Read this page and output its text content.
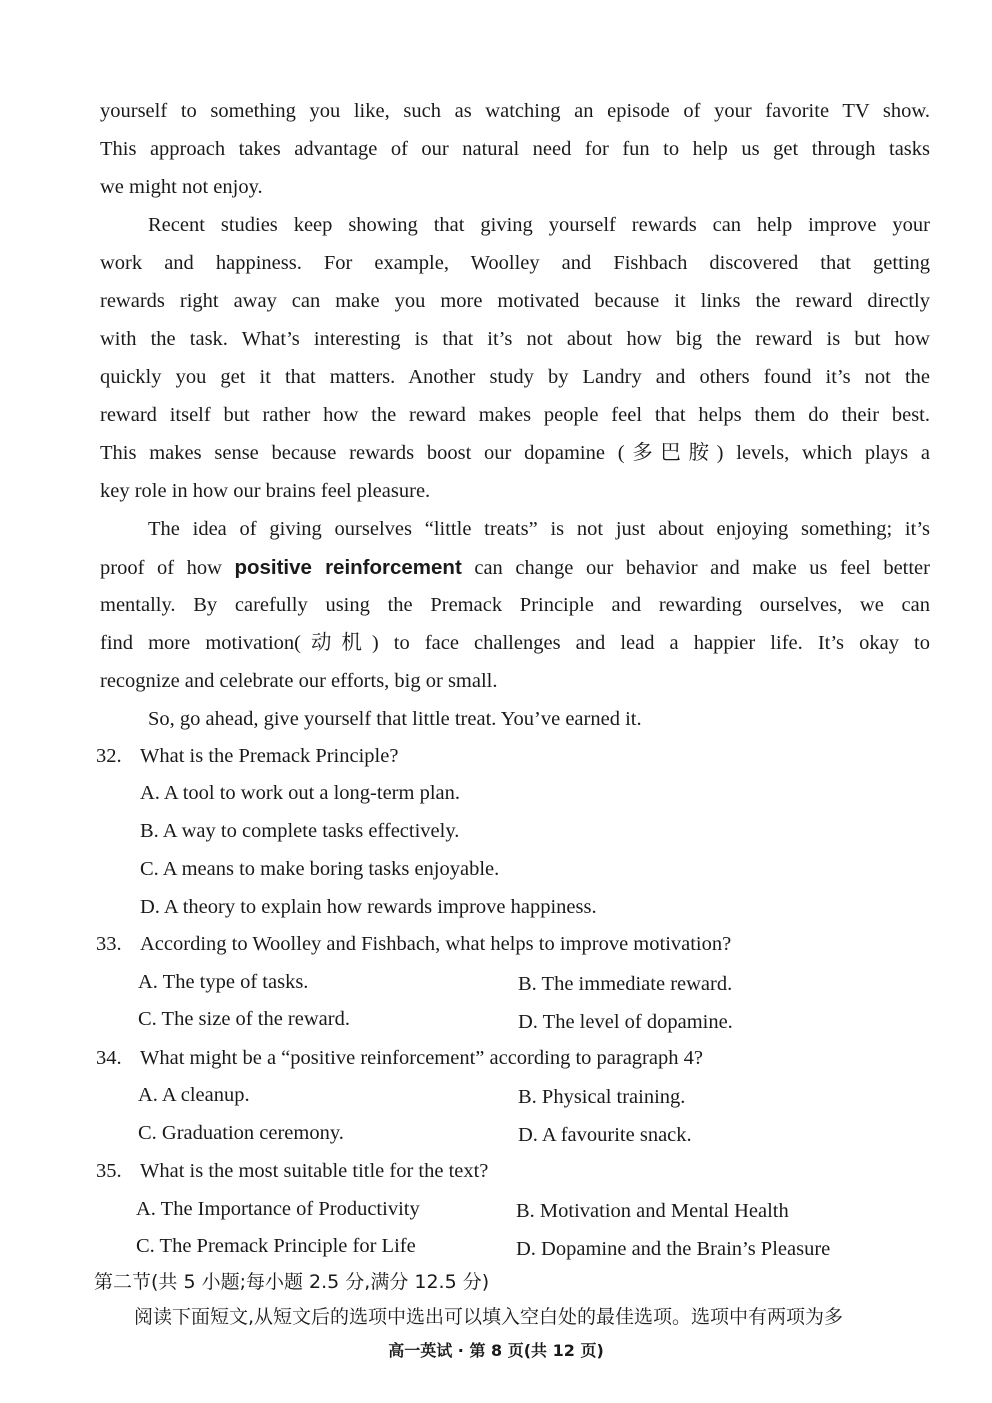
yourself to something you like, such as watching an episode of your favorite TV show.
This approach takes advantage of our natural need for fun to help us get through tasks
we might not enjoy.
Recent studies keep showing that giving yourself rewards can help improve your
work and happiness. For example, Woolley and Fishbach discovered that getting
rewards right away can make you more motivated because it links the reward directly
with the task. What’s interesting is that it’s not about how big the reward is but how
quickly you get it that matters. Another study by Landry and others found it’s not the
reward itself but rather how the reward makes people feel that helps them do their best.
This makes sense because rewards boost our dopamine (多巴胺) levels, which plays a
key role in how our brains feel pleasure.
The idea of giving ourselves “little treats” is not just about enjoying something; it’s
proof of how positive reinforcement can change our behavior and make us feel better
mentally. By carefully using the Premack Principle and rewarding ourselves, we can
find more motivation(动机) to face challenges and lead a happier life. It’s okay to
recognize and celebrate our efforts, big or small.
So, go ahead, give yourself that little treat. You’ve earned it.
32. What is the Premack Principle?
A. A tool to work out a long-term plan.
B. A way to complete tasks effectively.
C. A means to make boring tasks enjoyable.
D. A theory to explain how rewards improve happiness.
33. According to Woolley and Fishbach, what helps to improve motivation?
A. The type of tasks.	B. The immediate reward.
C. The size of the reward.	D. The level of dopamine.
34. What might be a “positive reinforcement” according to paragraph 4?
A. A cleanup.	B. Physical training.
C. Graduation ceremony.	D. A favourite snack.
35. What is the most suitable title for the text?
A. The Importance of Productivity	B. Motivation and Mental Health
C. The Premack Principle for Life	D. Dopamine and the Brain’s Pleasure
第二节(共 5 小题;每小题 2.5 分,满分 12.5 分)
阅读下面短文,从短文后的选项中选出可以填入空白处的最佳选项。选项中有两项为多
高一英试 · 第 8 页(共 12 页)
